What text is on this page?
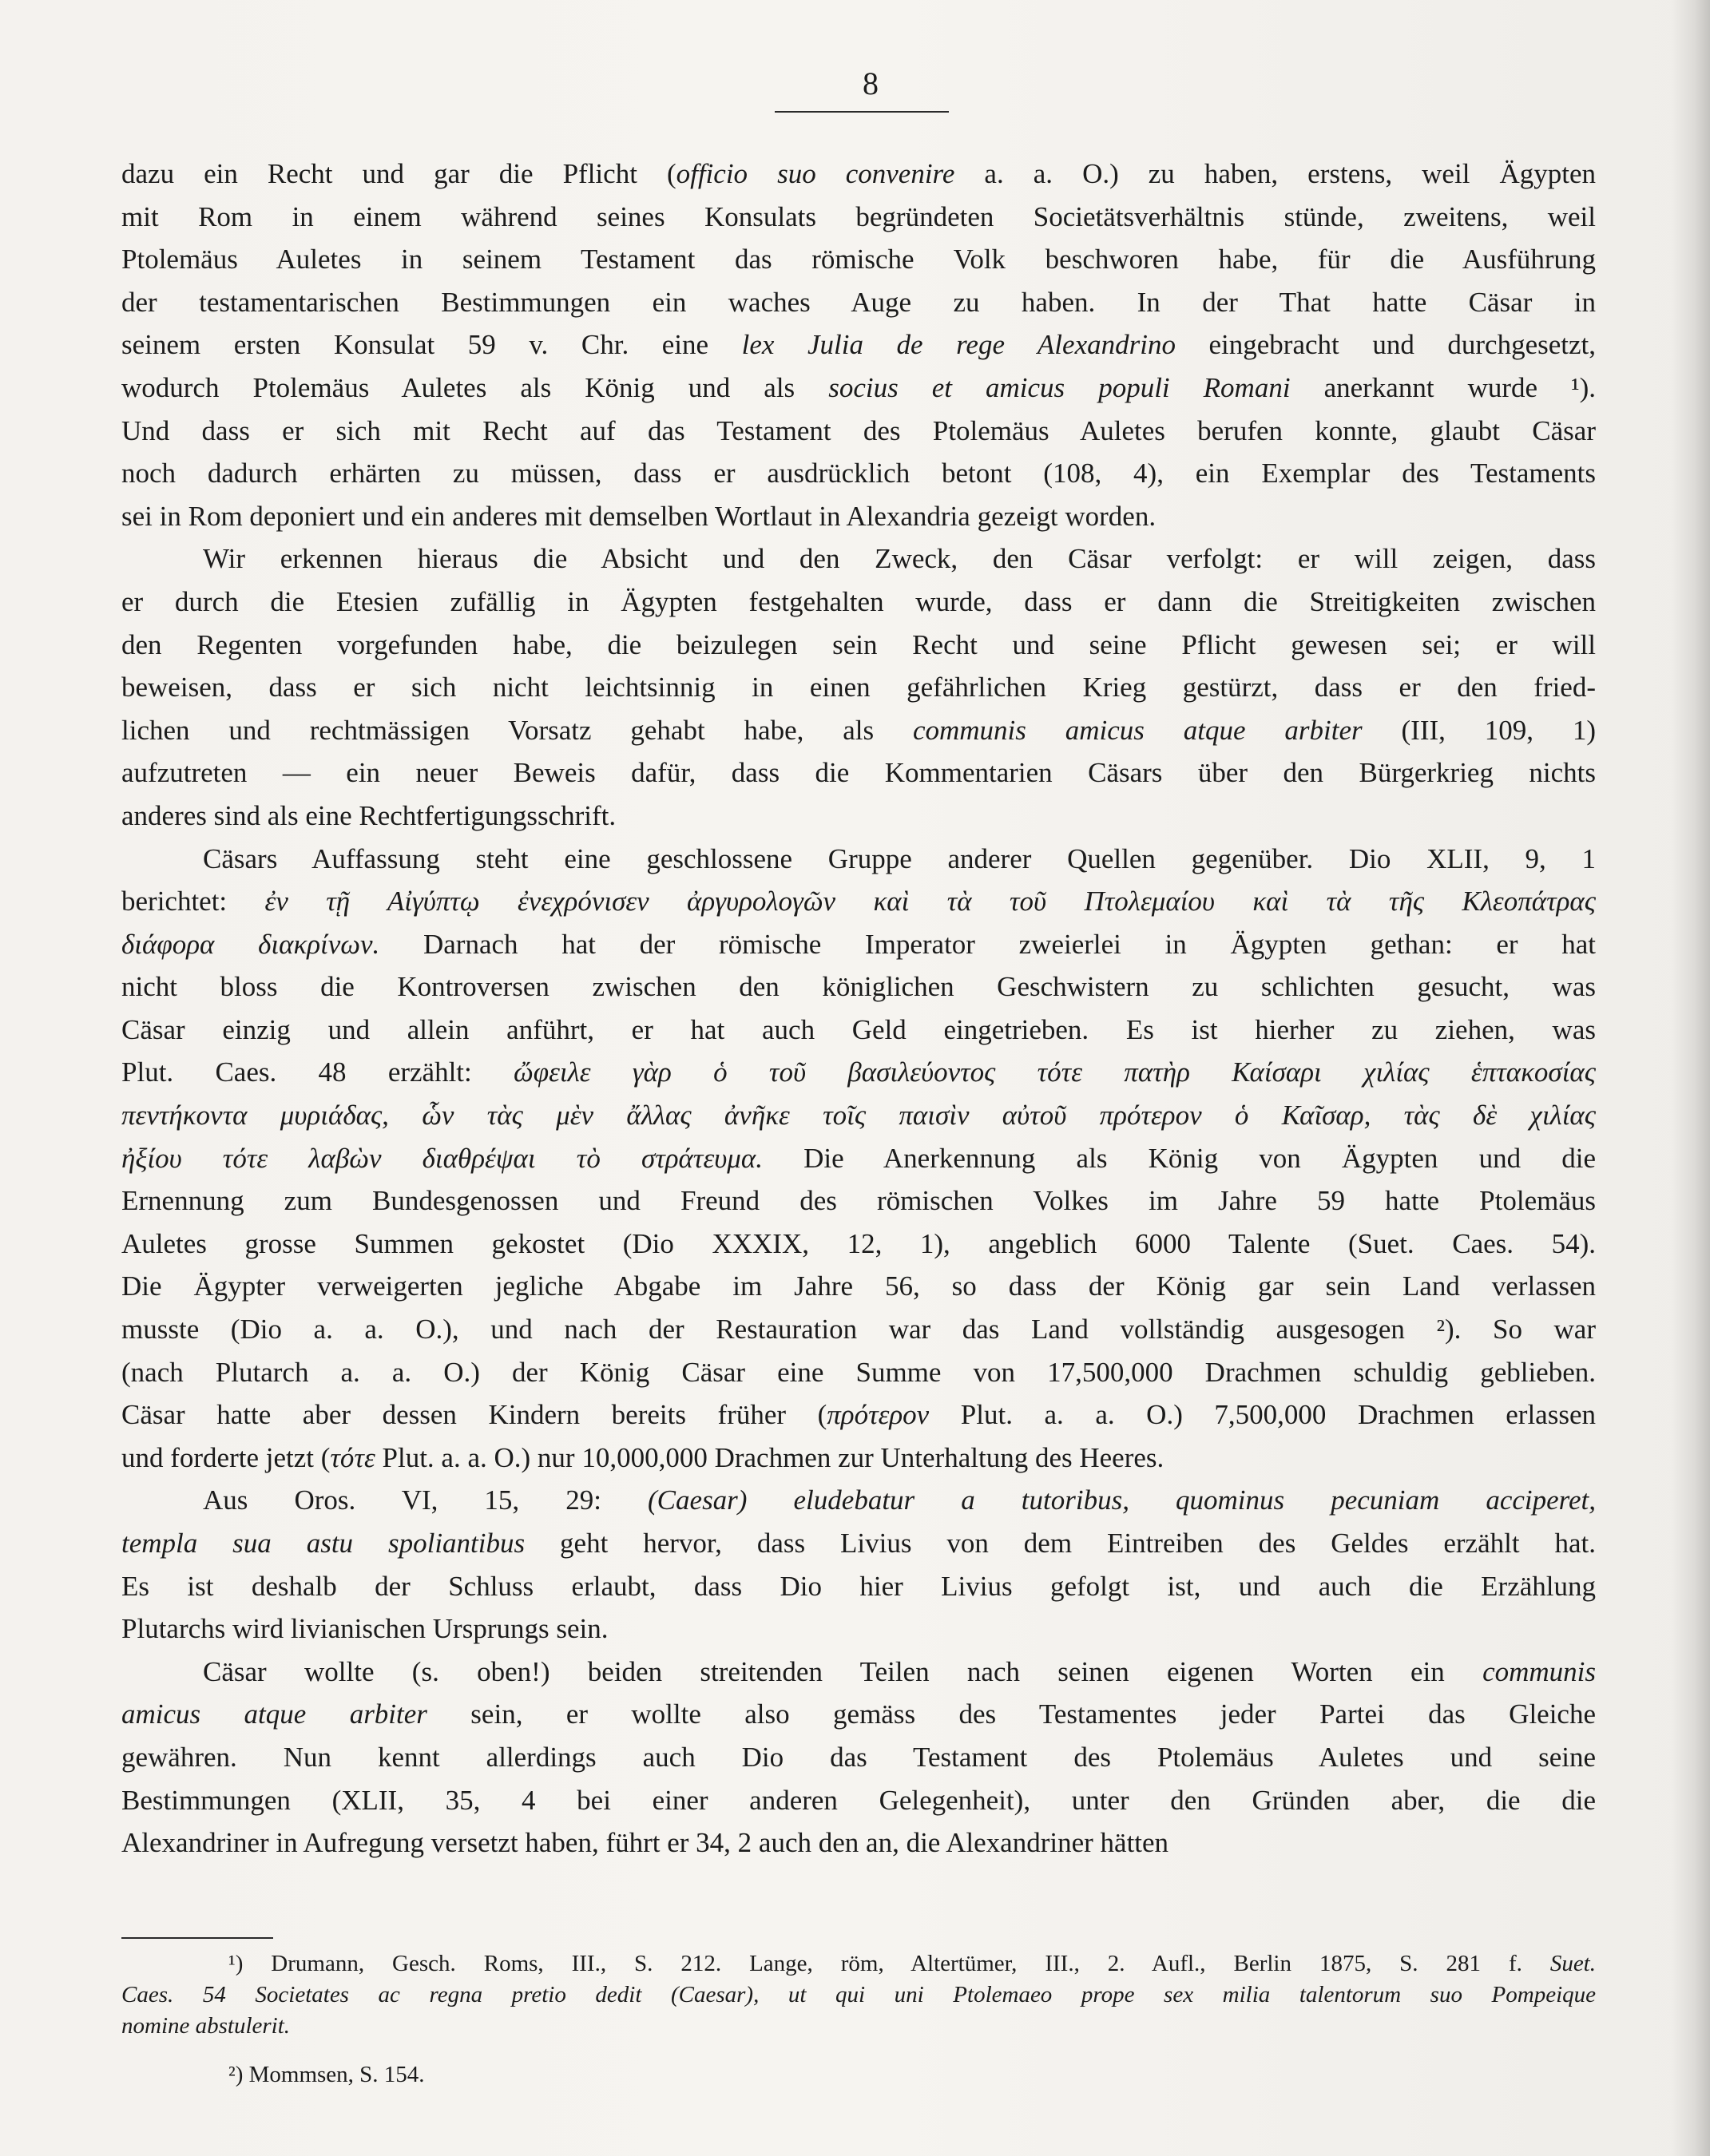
8
dazu ein Recht und gar die Pflicht (officio suo convenire a. a. O.) zu haben, erstens, weil Ägypten
mit Rom in einem während seines Konsulats begründeten Societätsverhältnis stünde, zweitens, weil
Ptolemäus Auletes in seinem Testament das römische Volk beschworen habe, für die Ausführung
der testamentarischen Bestimmungen ein waches Auge zu haben. In der That hatte Cäsar in
seinem ersten Konsulat 59 v. Chr. eine lex Julia de rege Alexandrino eingebracht und durchgesetzt,
wodurch Ptolemäus Auletes als König und als socius et amicus populi Romani anerkannt wurde ¹).
Und dass er sich mit Recht auf das Testament des Ptolemäus Auletes berufen konnte, glaubt Cäsar
noch dadurch erhärten zu müssen, dass er ausdrücklich betont (108, 4), ein Exemplar des Testaments
sei in Rom deponiert und ein anderes mit demselben Wortlaut in Alexandria gezeigt worden.
Wir erkennen hieraus die Absicht und den Zweck, den Cäsar verfolgt: er will zeigen, dass
er durch die Etesien zufällig in Ägypten festgehalten wurde, dass er dann die Streitigkeiten zwischen
den Regenten vorgefunden habe, die beizulegen sein Recht und seine Pflicht gewesen sei; er will
beweisen, dass er sich nicht leichtsinnig in einen gefährlichen Krieg gestürzt, dass er den fried-
lichen und rechtmässigen Vorsatz gehabt habe, als communis amicus atque arbiter (III, 109, 1)
aufzutreten — ein neuer Beweis dafür, dass die Kommentarien Cäsars über den Bürgerkrieg nichts
anderes sind als eine Rechtfertigungsschrift.
Cäsars Auffassung steht eine geschlossene Gruppe anderer Quellen gegenüber. Dio XLII, 9, 1
berichtet: ἐν τῇ Αἰγύπτῳ ἐνεχρόνισεν ἀργυρολογῶν καὶ τὰ τοῦ Πτολεμαίου καὶ τὰ τῆς Κλεοπάτρας
διάφορα διακρίνων. Darnach hat der römische Imperator zweierlei in Ägypten gethan: er hat
nicht bloss die Kontroversen zwischen den königlichen Geschwistern zu schlichten gesucht, was
Cäsar einzig und allein anführt, er hat auch Geld eingetrieben. Es ist hierher zu ziehen, was
Plut. Caes. 48 erzählt: ὤφειλε γὰρ ὁ τοῦ βασιλεύοντος τότε πατὴρ Καίσαρι χιλίας ἑπτακοσίας
πεντήκοντα μυριάδας, ὧν τὰς μὲν ἄλλας ἀνῆκε τοῖς παισὶν αὐτοῦ πρότερον ὁ Καῖσαρ, τὰς δὲ χιλίας
ἠξίου τότε λαβὼν διαθρέψαι τὸ στράτευμα. Die Anerkennung als König von Ägypten und die
Ernennung zum Bundesgenossen und Freund des römischen Volkes im Jahre 59 hatte Ptolemäus
Auletes grosse Summen gekostet (Dio XXXIX, 12, 1), angeblich 6000 Talente (Suet. Caes. 54).
Die Ägypter verweigerten jegliche Abgabe im Jahre 56, so dass der König gar sein Land verlassen
musste (Dio a. a. O.), und nach der Restauration war das Land vollständig ausgesogen ²). So war
(nach Plutarch a. a. O.) der König Cäsar eine Summe von 17,500,000 Drachmen schuldig geblieben.
Cäsar hatte aber dessen Kindern bereits früher (πρότερον Plut. a. a. O.) 7,500,000 Drachmen erlassen
und forderte jetzt (τότε Plut. a. a. O.) nur 10,000,000 Drachmen zur Unterhaltung des Heeres.
Aus Oros. VI, 15, 29: (Caesar) eludebatur a tutoribus, quominus pecuniam acciperet,
templa sua astu spoliantibus geht hervor, dass Livius von dem Eintreiben des Geldes erzählt hat.
Es ist deshalb der Schluss erlaubt, dass Dio hier Livius gefolgt ist, und auch die Erzählung
Plutarchs wird livianischen Ursprungs sein.
Cäsar wollte (s. oben!) beiden streitenden Teilen nach seinen eigenen Worten ein communis
amicus atque arbiter sein, er wollte also gemäss des Testamentes jeder Partei das Gleiche
gewähren. Nun kennt allerdings auch Dio das Testament des Ptolemäus Auletes und seine
Bestimmungen (XLII, 35, 4 bei einer anderen Gelegenheit), unter den Gründen aber, die die
Alexandriner in Aufregung versetzt haben, führt er 34, 2 auch den an, die Alexandriner hätten
¹) Drumann, Gesch. Roms, III., S. 212. Lange, röm, Altertümer, III., 2. Aufl., Berlin 1875, S. 281 f. Suet.
Caes. 54 Societates ac regna pretio dedit (Caesar), ut qui uni Ptolemaeo prope sex milia talentorum suo Pompeique
nomine abstulerit.
²) Mommsen, S. 154.
